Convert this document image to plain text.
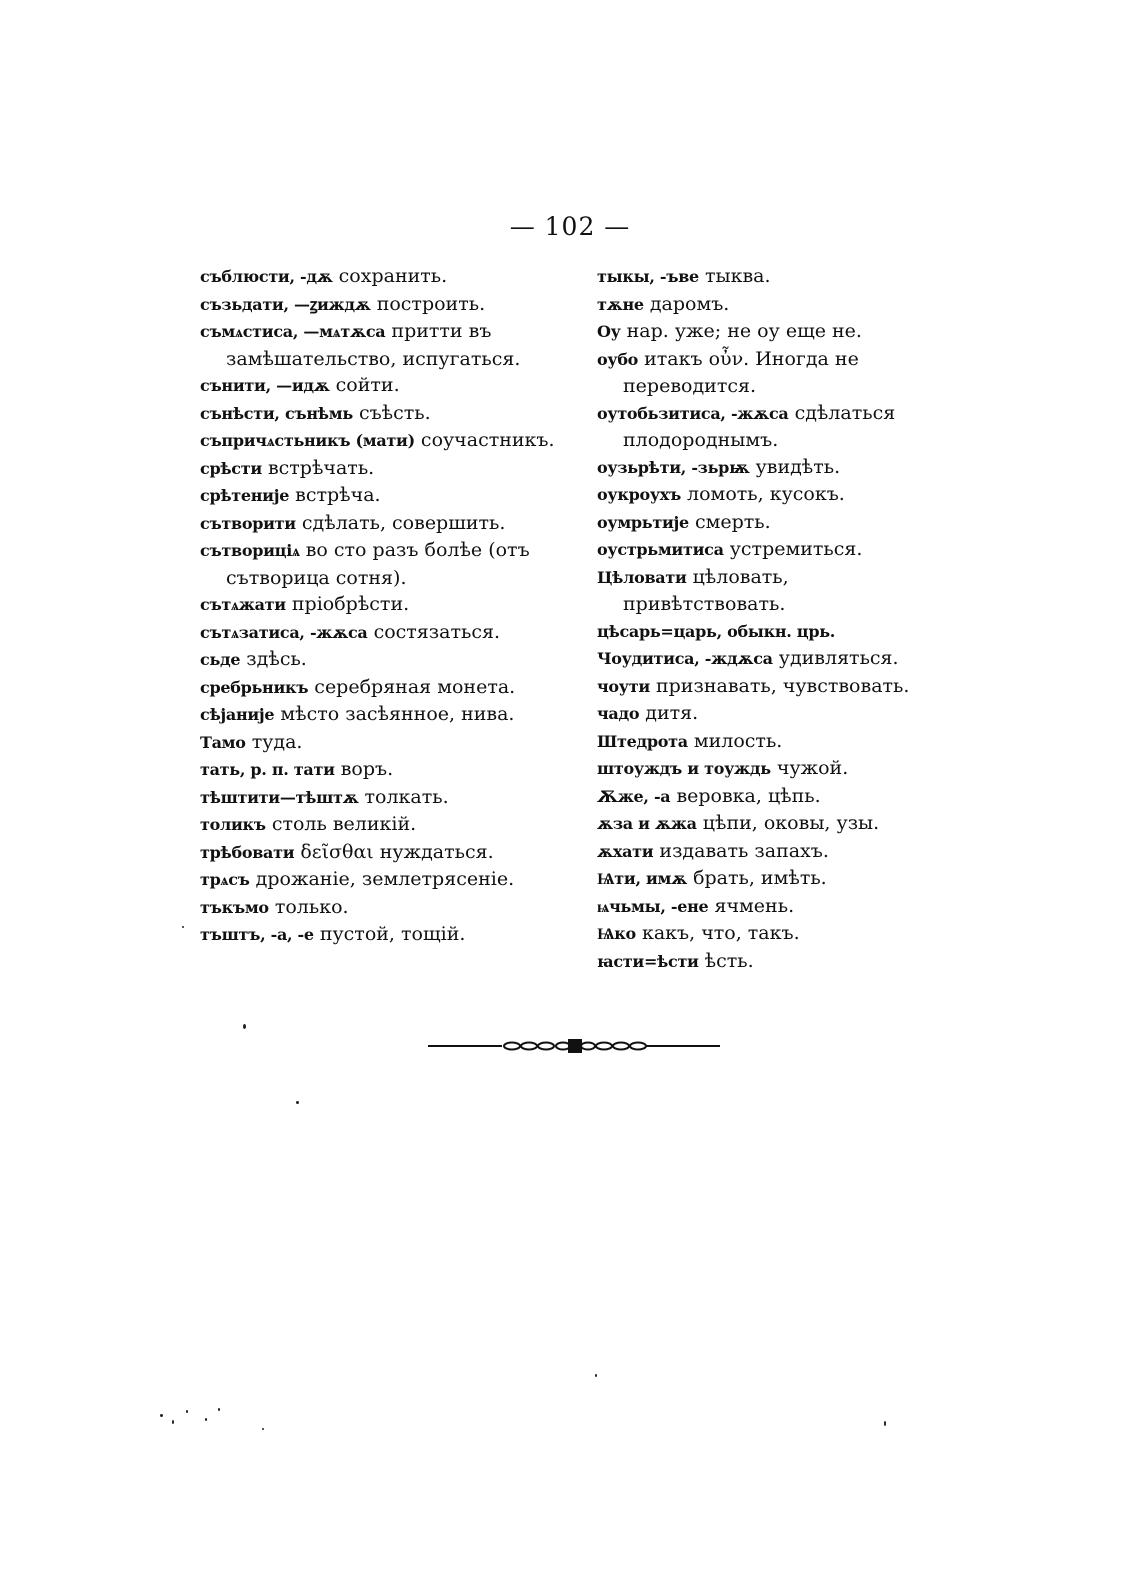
— 102 —

съблюсти, -дѫ сохранить.

съзьдати, —ꙁиждѫ построить.

съмѧстиса, —мѧтѫса притти въ замѣшательство, испугаться.

сънити, —идѫ сойти.

сънѣсти, сънѣмь съѣсть.

съпричѧстьникъ (мати) соучастникъ.

срѣсти встрѣчать.

срѣтеније встрѣча.

сътворити сдѣлать, совершить.

сътвориціѧ во сто разъ болѣе (отъ сътворица сотня).

сътѧжати пріобрѣсти.

сътѧзатиса, -жѫса состязаться.

сьде здѣсь.

сребрьникъ серебряная монета.

сѣјаније мѣсто засѣянное, нива.

Тамо туда.

тать, р. п. тати воръ.

тѣштити—тѣштѫ толкать.

толикъ столь великій.

трѣбовати δεῖσθαι нуждаться.

трѧсъ дрожаніе, землетрясеніе.

тъкъмо только.

тъштъ, -а, -е пустой, тощій.

тыкы, -ъве тыква.

тѫне даромъ.

Оу нар. уже; не оу еще не.

оубо итакъ οὖν. Иногда не переводится.

оутобьзитиса, -жѫса сдѣлаться плодороднымъ.

оузьрѣти, -зьрѭ увидѣть.

оукроухъ ломоть, кусокъ.

оумрьтије смерть.

оустрьмитиса устремиться.

Цѣловати цѣловать, привѣтствовать.

цѣсарь=царь, обыкн. црь.

Чоудитиса, -ждѫса удивляться.

чоути признавать, чувствовать.

чадо дитя.

Штедрота милость.

штоуждъ и тоуждь чужой.

Ѫже, -а веровка, цѣпь.

ѫза и ѫжа цѣпи, оковы, узы.

ѫхати издавать запахъ.

Ѩти, имѫ брать, имѣть.

ѩчьмы, -ене ячмень.

Ѩко какъ, что, такъ.

ꙗсти=ѣсти ѣсть.
